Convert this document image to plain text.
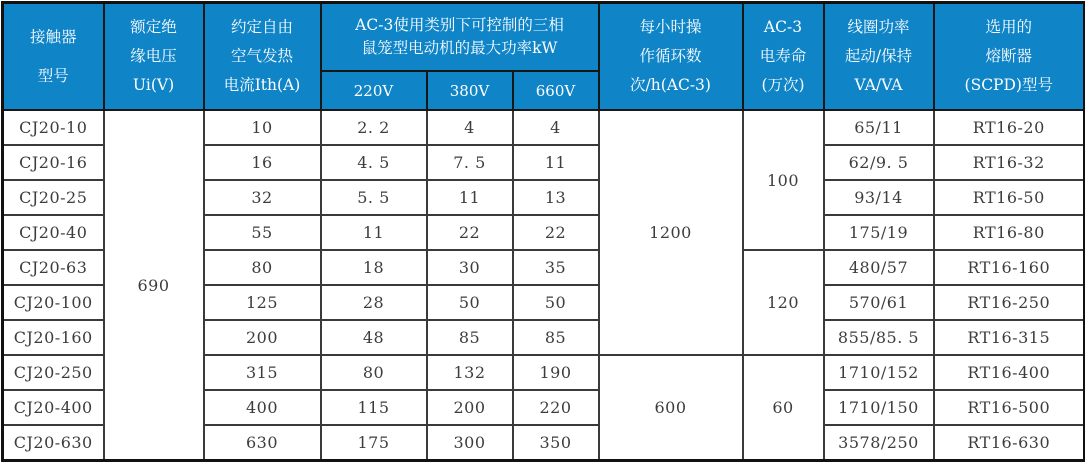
接触器
型号

额定绝
缘电压
Ui(V)

约定自由
空气发热
电流Ith(A)

AC-3使用类别下可控制的三相
鼠笼型电动机的最大功率kW

每小时操
作循环数
次/h(AC-3)

AC-3
电寿命
(万次)

线圈功率
起动/保持
VA/VA

选用的
熔断器
(SCPD)型号

			220V	380V	660V				
CJ20-10	690	10	2. 2	4	4	1200	100	65/11	RT16-20
CJ20-16		16	4. 5	7. 5	11			62/9. 5	RT16-32
CJ20-25		32	5. 5	11	13			93/14	RT16-50
CJ20-40		55	11	22	22			175/19	RT16-80
CJ20-63		80	18	30	35		120	480/57	RT16-160
CJ20-100		125	28	50	50			570/61	RT16-250
CJ20-160		200	48	85	85			855/85. 5	RT16-315
CJ20-250		315	80	132	190	600	60	1710/152	RT16-400
CJ20-400		400	115	200	220			1710/150	RT16-500
CJ20-630		630	175	300	350			3578/250	RT16-630
